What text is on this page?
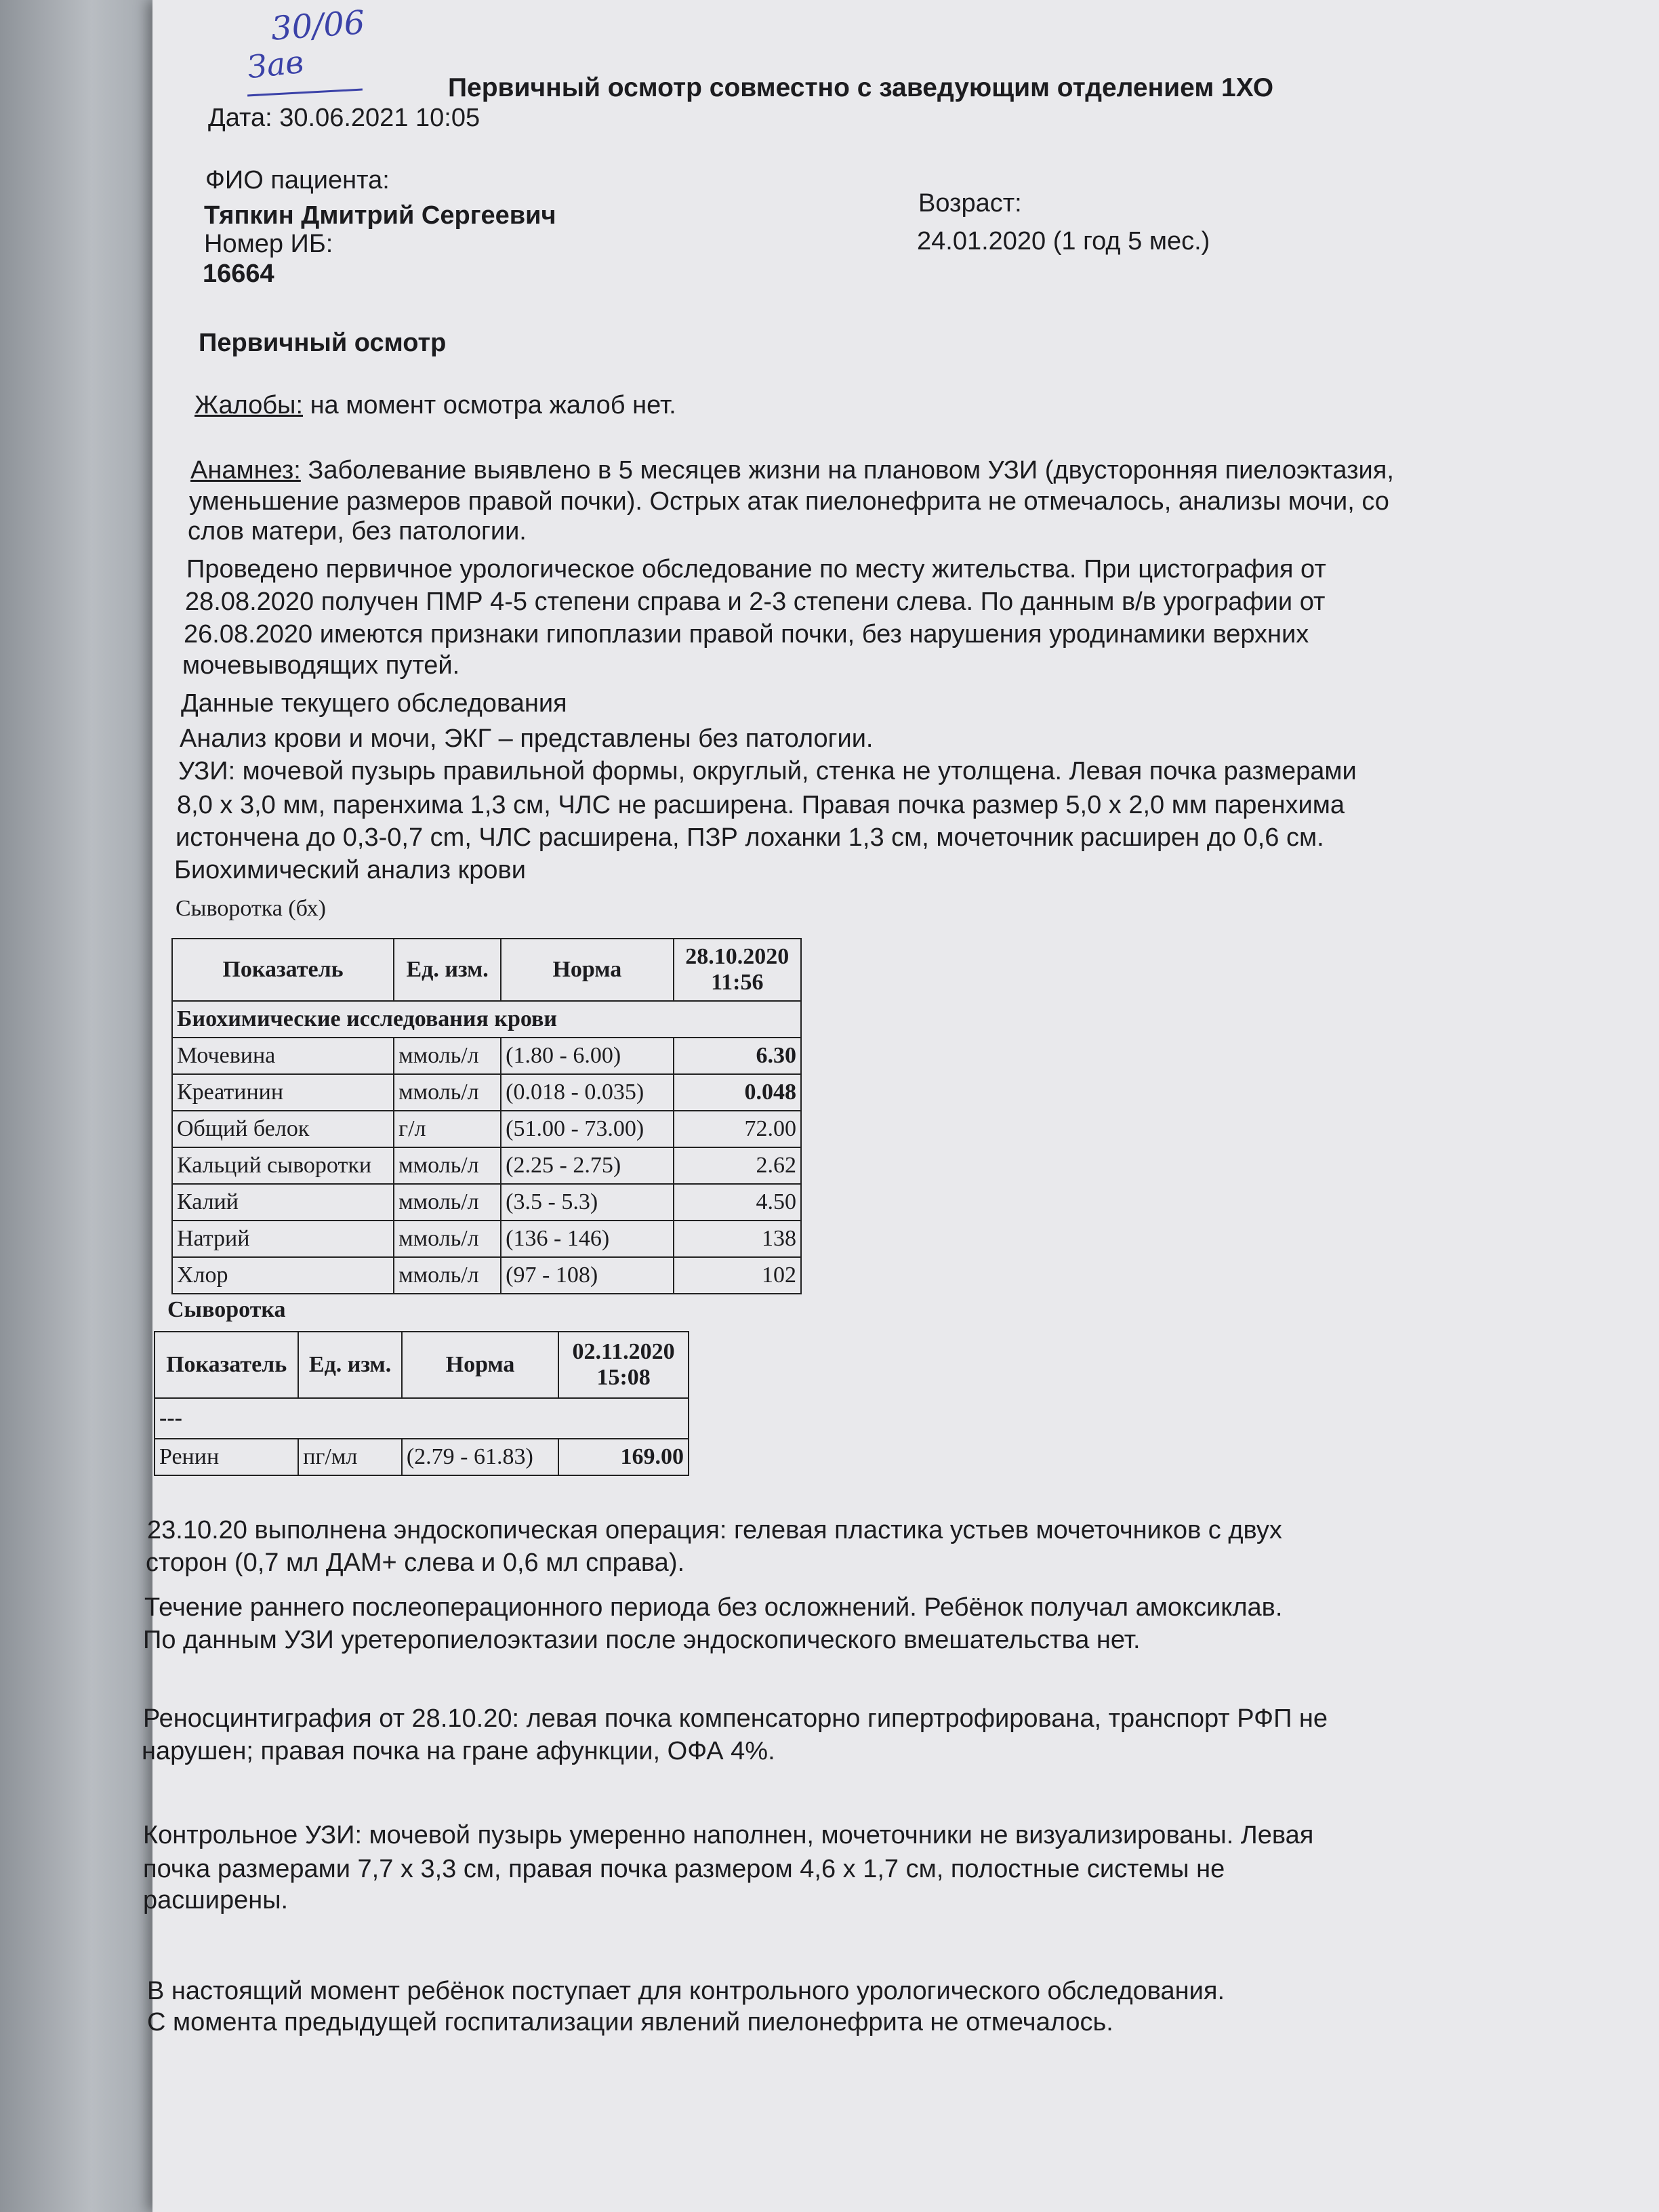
30/06
Зав
Первичный осмотр совместно с заведующим отделением 1ХО
Дата: 30.06.2021 10:05
ФИО пациента:
Тяпкин Дмитрий Сергеевич
Номер ИБ:
16664
Возраст:
24.01.2020 (1 год 5 мес.)
Первичный осмотр
Жалобы: на момент осмотра жалоб нет.
Анамнез: Заболевание выявлено в 5 месяцев жизни на плановом УЗИ (двусторонняя пиелоэктазия,
уменьшение размеров правой почки). Острых атак пиелонефрита не отмечалось, анализы мочи, со
слов матери, без патологии.
Проведено первичное урологическое обследование по месту жительства. При цистография от
28.08.2020 получен ПМР 4-5 степени справа и 2-3 степени слева. По данным в/в урографии от
26.08.2020 имеются признаки гипоплазии правой почки, без нарушения уродинамики верхних
мочевыводящих путей.
Данные текущего обследования
Анализ крови и мочи, ЭКГ – представлены без патологии.
УЗИ: мочевой пузырь правильной формы, округлый, стенка не утолщена. Левая почка размерами
8,0 х 3,0 мм, паренхима 1,3 см, ЧЛС не расширена. Правая почка размер 5,0 х 2,0 мм паренхима
истончена до 0,3-0,7 cm, ЧЛС расширена, ПЗР лоханки 1,3 см, мочеточник расширен до 0,6 см.
Биохимический анализ крови
Сыворотка (бх)
Показатель	Ед. изм.	Норма	28.10.2020 11:56
Биохимические исследования крови			
Мочевина	ммоль/л	(1.80 - 6.00)	6.30
Креатинин	ммоль/л	(0.018 - 0.035)	0.048
Общий белок	г/л	(51.00 - 73.00)	72.00
Кальций сыворотки	ммоль/л	(2.25 - 2.75)	2.62
Калий	ммоль/л	(3.5 - 5.3)	4.50
Натрий	ммоль/л	(136 - 146)	138
Хлор	ммоль/л	(97 - 108)	102
Сыворотка
Показатель	Ед. изм.	Норма	02.11.2020 15:08
---			
Ренин	пг/мл	(2.79 - 61.83)	169.00
23.10.20 выполнена эндоскопическая операция: гелевая пластика устьев мочеточников с двух
сторон (0,7 мл ДАМ+ слева и 0,6 мл справа).
Течение раннего послеоперационного периода без осложнений. Ребёнок получал амоксиклав.
По данным УЗИ уретеропиелоэктазии после эндоскопического вмешательства нет.
Реносцинтиграфия от 28.10.20: левая почка компенсаторно гипертрофирована, транспорт РФП не
нарушен; правая почка на гране афункции, ОФА 4%.
Контрольное УЗИ: мочевой пузырь умеренно наполнен, мочеточники не визуализированы. Левая
почка размерами 7,7 х 3,3 см, правая почка размером 4,6 х 1,7 см, полостные системы не
расширены.
В настоящий момент ребёнок поступает для контрольного урологического обследования.
С момента предыдущей госпитализации явлений пиелонефрита не отмечалось.
